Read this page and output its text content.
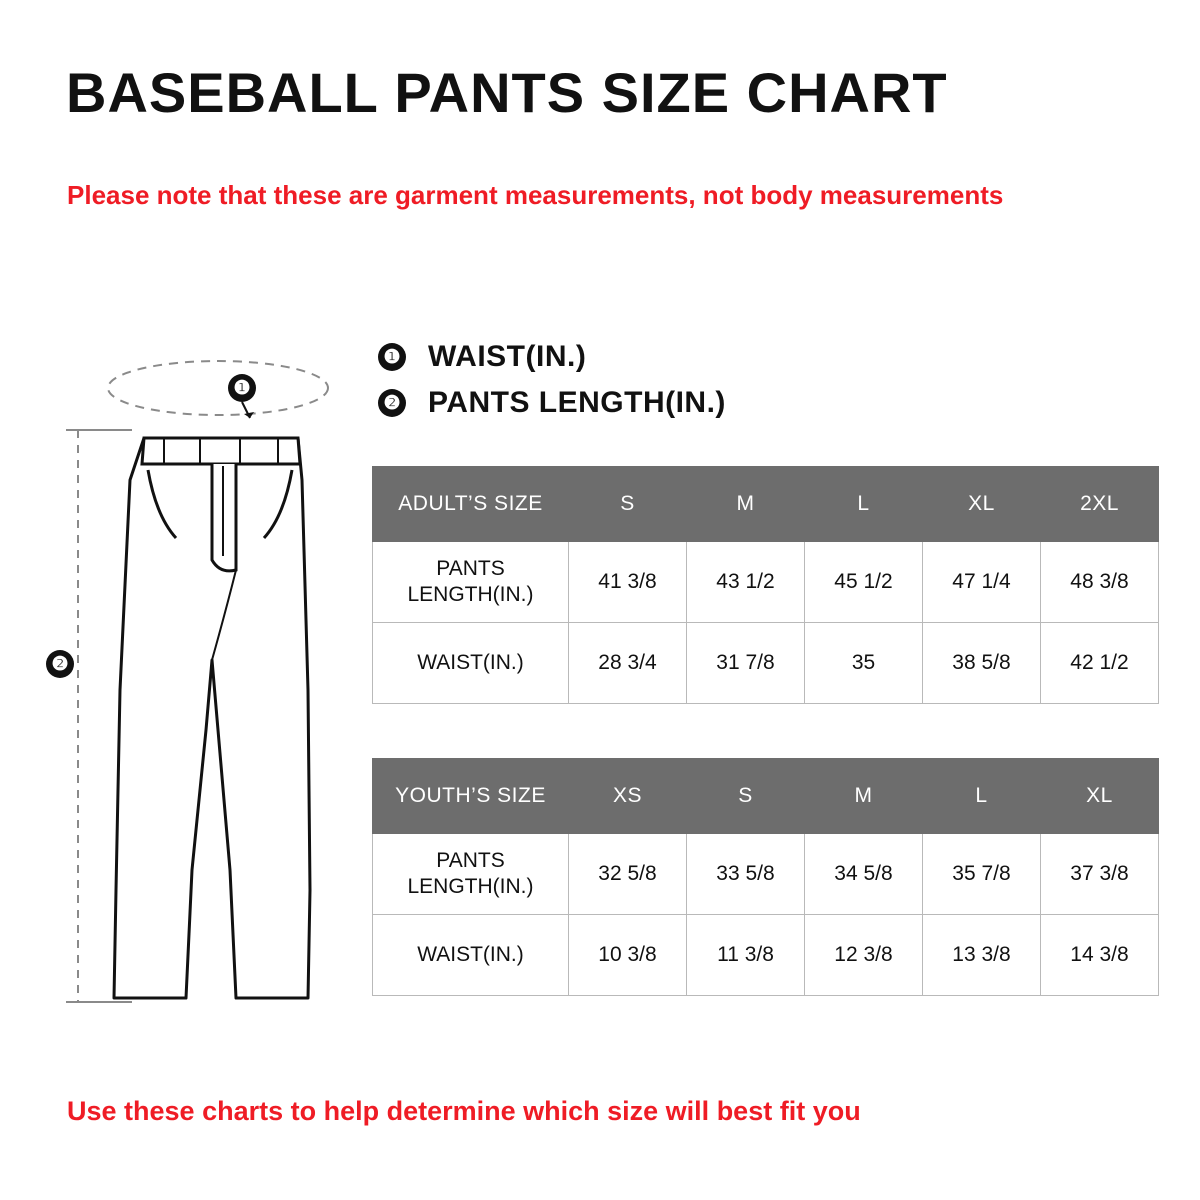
BASEBALL PANTS SIZE CHART
Please note that these are garment measurements, not body measurements
❶ WAIST(IN.)
❷ PANTS LENGTH(IN.)
❶
❷
ADULT’S SIZE	S	M	L	XL	2XL
PANTS LENGTH(IN.)	41 3/8	43 1/2	45 1/2	47 1/4	48 3/8
WAIST(IN.)	28 3/4	31 7/8	35	38 5/8	42 1/2
YOUTH’S SIZE	XS	S	M	L	XL
PANTS LENGTH(IN.)	32 5/8	33 5/8	34 5/8	35 7/8	37 3/8
WAIST(IN.)	10 3/8	11 3/8	12 3/8	13 3/8	14 3/8
Use these charts to help determine which size will best fit you
